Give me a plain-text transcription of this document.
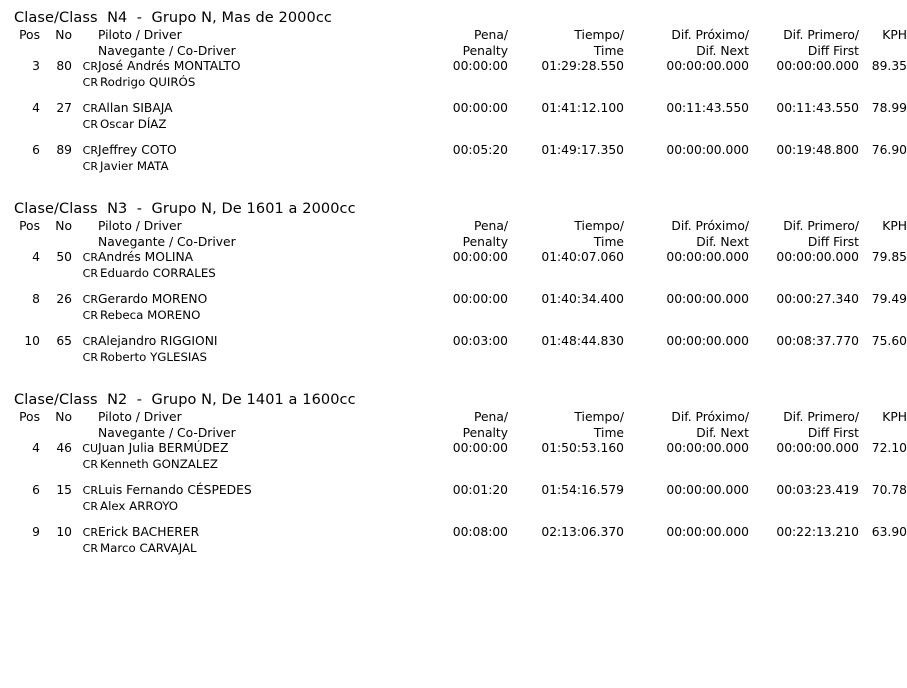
Clase/Class  N4  -  Grupo N, Mas de 2000cc
Pos	No		Piloto / Driver	Pena/	Tiempo/	Dif. Próximo/	Dif. Primero/	KPH
			Navegante / Co-Driver	Penalty	Time	Dif. Next	Diff First	
3	80	CR	José Andrés MONTALTO	00:00:00	01:29:28.550	00:00:00.000	00:00:00.000	89.35
		CR	Rodrigo QUIRÓS					

4	27	CR	Allan SIBAJA	00:00:00	01:41:12.100	00:11:43.550	00:11:43.550	78.99
		CR	Oscar DÍAZ					

6	89	CR	Jeffrey COTO	00:05:20	01:49:17.350	00:00:00.000	00:19:48.800	76.90
		CR	Javier MATA					
Clase/Class  N3  -  Grupo N, De 1601 a 2000cc
Pos	No		Piloto / Driver	Pena/	Tiempo/	Dif. Próximo/	Dif. Primero/	KPH
			Navegante / Co-Driver	Penalty	Time	Dif. Next	Diff First	
4	50	CR	Andrés MOLINA	00:00:00	01:40:07.060	00:00:00.000	00:00:00.000	79.85
		CR	Eduardo CORRALES					

8	26	CR	Gerardo MORENO	00:00:00	01:40:34.400	00:00:00.000	00:00:27.340	79.49
		CR	Rebeca MORENO					

10	65	CR	Alejandro RIGGIONI	00:03:00	01:48:44.830	00:00:00.000	00:08:37.770	75.60
		CR	Roberto YGLESIAS					
Clase/Class  N2  -  Grupo N, De 1401 a 1600cc
Pos	No		Piloto / Driver	Pena/	Tiempo/	Dif. Próximo/	Dif. Primero/	KPH
			Navegante / Co-Driver	Penalty	Time	Dif. Next	Diff First	
4	46	CU	Juan Julia BERMÚDEZ	00:00:00	01:50:53.160	00:00:00.000	00:00:00.000	72.10
		CR	Kenneth GONZALEZ					

6	15	CR	Luis Fernando CÉSPEDES	00:01:20	01:54:16.579	00:00:00.000	00:03:23.419	70.78
		CR	Alex ARROYO					

9	10	CR	Erick BACHERER	00:08:00	02:13:06.370	00:00:00.000	00:22:13.210	63.90
		CR	Marco CARVAJAL					
